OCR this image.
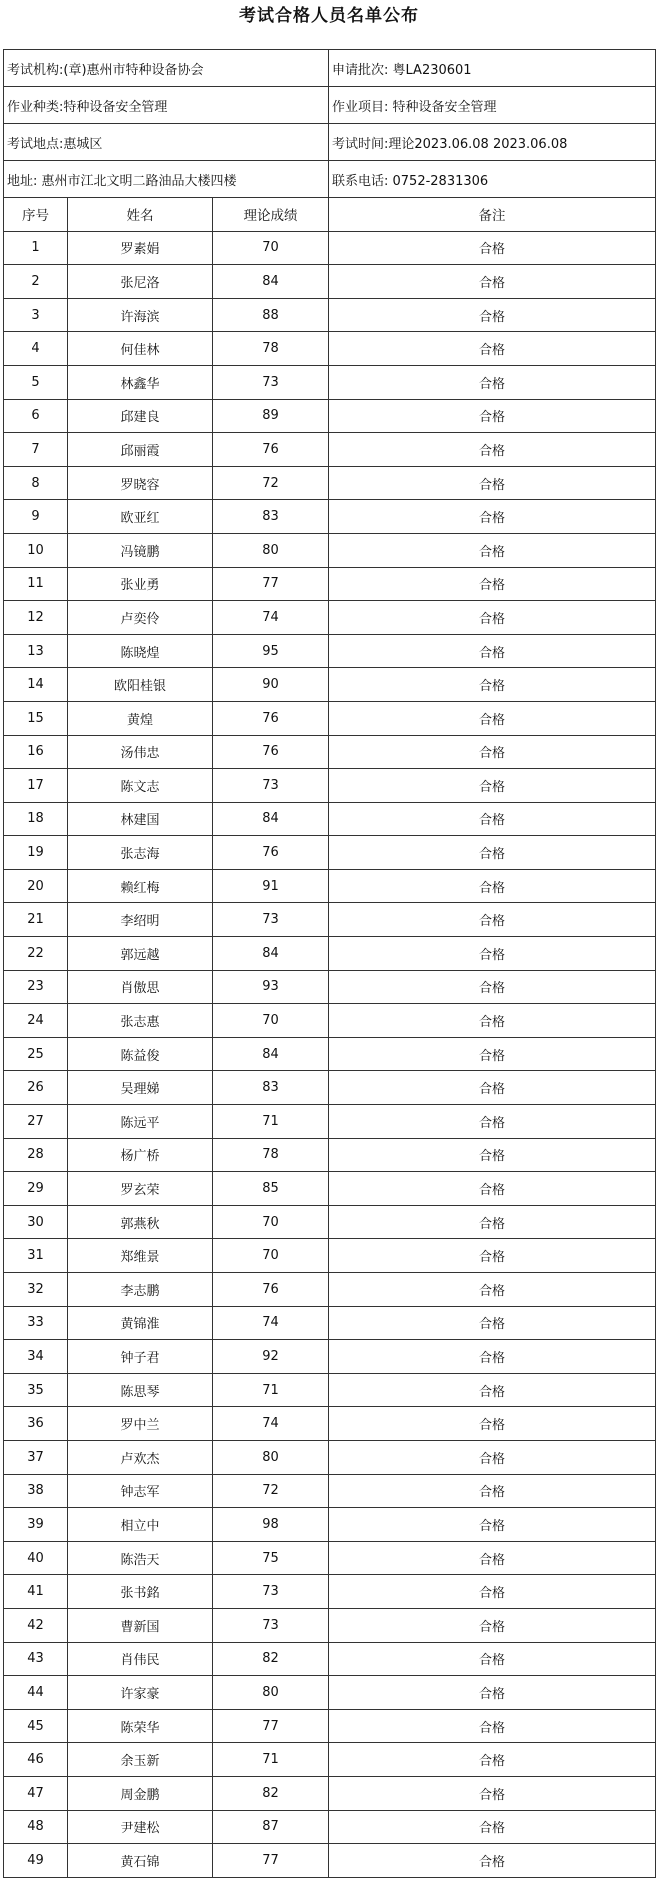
考试合格人员名单公布
考试机构:(章)惠州市特种设备协会			申请批次: 粤LA230601
作业种类:特种设备安全管理			作业项目: 特种设备安全管理
考试地点:惠城区			考试时间:理论2023.06.08 2023.06.08
地址: 惠州市江北文明二路油品大楼四楼			联系电话: 0752-2831306
序号	姓名	理论成绩	备注
1	罗素娟	70	合格
2	张尼洛	84	合格
3	许海滨	88	合格
4	何佳林	78	合格
5	林鑫华	73	合格
6	邱建良	89	合格
7	邱丽霞	76	合格
8	罗晓容	72	合格
9	欧亚红	83	合格
10	冯镜鹏	80	合格
11	张业勇	77	合格
12	卢奕伶	74	合格
13	陈晓煌	95	合格
14	欧阳桂银	90	合格
15	黄煌	76	合格
16	汤伟忠	76	合格
17	陈文志	73	合格
18	林建国	84	合格
19	张志海	76	合格
20	赖红梅	91	合格
21	李绍明	73	合格
22	郭远越	84	合格
23	肖傲思	93	合格
24	张志惠	70	合格
25	陈益俊	84	合格
26	吴理娣	83	合格
27	陈远平	71	合格
28	杨广桥	78	合格
29	罗玄荣	85	合格
30	郭燕秋	70	合格
31	郑维景	70	合格
32	李志鹏	76	合格
33	黄锦淮	74	合格
34	钟子君	92	合格
35	陈思琴	71	合格
36	罗中兰	74	合格
37	卢欢杰	80	合格
38	钟志军	72	合格
39	相立中	98	合格
40	陈浩天	75	合格
41	张书銘	73	合格
42	曹新国	73	合格
43	肖伟民	82	合格
44	许家豪	80	合格
45	陈荣华	77	合格
46	余玉新	71	合格
47	周金鹏	82	合格
48	尹建松	87	合格
49	黄石锦	77	合格
